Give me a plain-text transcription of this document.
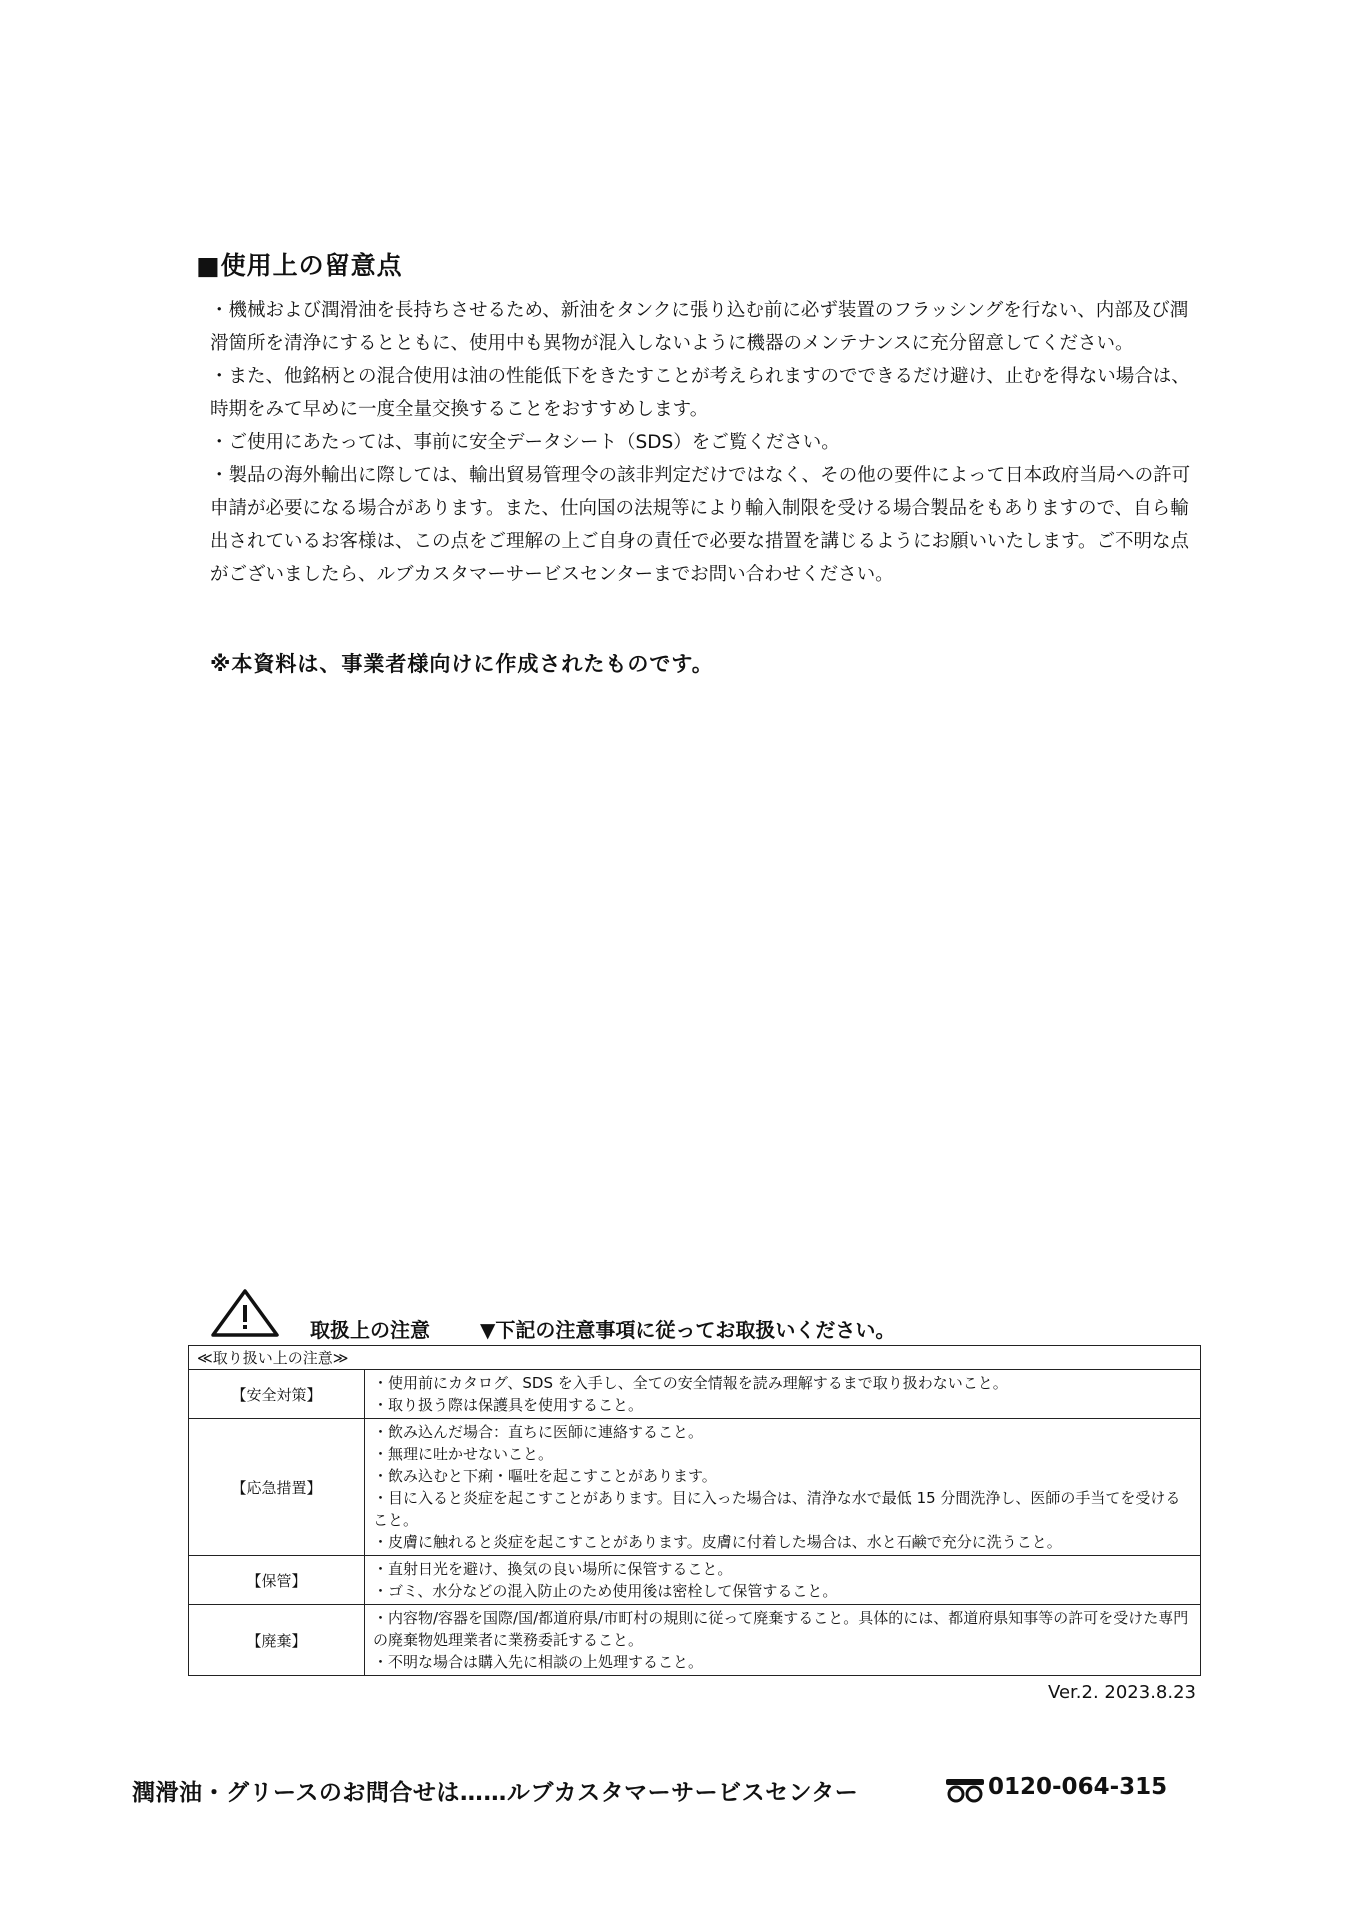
■使用上の留意点

・機械および潤滑油を長持ちさせるため、新油をタンクに張り込む前に必ず装置のフラッシングを行ない、内部及び潤滑箇所を清浄にするとともに、使用中も異物が混入しないように機器のメンテナンスに充分留意してください。

・また、他銘柄との混合使用は油の性能低下をきたすことが考えられますのでできるだけ避け、止むを得ない場合は、時期をみて早めに一度全量交換することをおすすめします。

・ご使用にあたっては、事前に安全データシート（SDS）をご覧ください。

・製品の海外輸出に際しては、輸出貿易管理令の該非判定だけではなく、その他の要件によって日本政府当局への許可申請が必要になる場合があります。また、仕向国の法規等により輸入制限を受ける場合製品をもありますので、自ら輸出されているお客様は、この点をご理解の上ご自身の責任で必要な措置を講じるようにお願いいたします。ご不明な点がございましたら、ルブカスタマーサービスセンターまでお問い合わせください。

※本資料は、事業者様向けに作成されたものです。
取扱上の注意	▼下記の注意事項に従ってお取扱いください。
≪取り扱い上の注意≫	
【安全対策】	・使用前にカタログ、SDS を入手し、全ての安全情報を読み理解するまで取り扱わないこと。
・取り扱う際は保護具を使用すること。

【応急措置】	・飲み込んだ場合：直ちに医師に連絡すること。
・無理に吐かせないこと。
・飲み込むと下痢・嘔吐を起こすことがあります。
・目に入ると炎症を起こすことがあります。目に入った場合は、清浄な水で最低 15 分間洗浄し、医師の手当てを受けること。
・皮膚に触れると炎症を起こすことがあります。皮膚に付着した場合は、水と石鹸で充分に洗うこと。

【保管】	・直射日光を避け、換気の良い場所に保管すること。
・ゴミ、水分などの混入防止のため使用後は密栓して保管すること。

【廃棄】	・内容物/容器を国際/国/都道府県/市町村の規則に従って廃棄すること。具体的には、都道府県知事等の許可を受けた専門の廃棄物処理業者に業務委託すること。
・不明な場合は購入先に相談の上処理すること。
Ver.2. 2023.8.23
潤滑油・グリースのお問合せは……ルブカスタマーサービスセンター	0120-064-315
